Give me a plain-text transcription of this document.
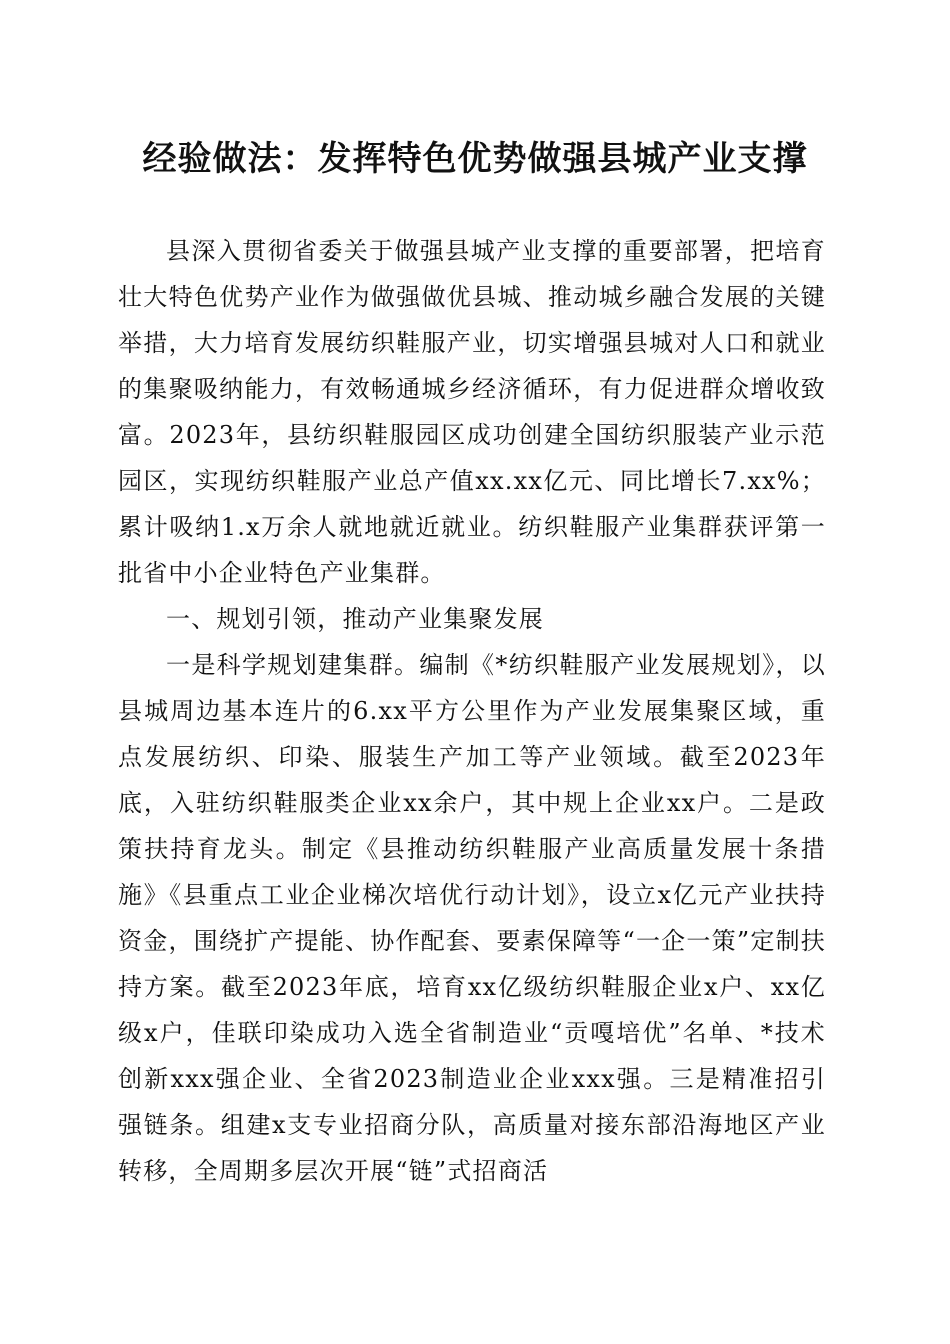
经验做法：发挥特色优势做强县城产业支撑

县深入贯彻省委关于做强县城产业支撑的重要部署，把培育壮大特色优势产业作为做强做优县城、推动城乡融合发展的关键举措，大力培育发展纺织鞋服产业，切实增强县城对人口和就业的集聚吸纳能力，有效畅通城乡经济循环，有力促进群众增收致富。2023年，县纺织鞋服园区成功创建全国纺织服装产业示范园区，实现纺织鞋服产业总产值xx.xx亿元、同比增长7.xx%；累计吸纳1.x万余人就地就近就业。纺织鞋服产业集群获评第一批省中小企业特色产业集群。

一、规划引领，推动产业集聚发展

一是科学规划建集群。编制《*纺织鞋服产业发展规划》，以县城周边基本连片的6.xx平方公里作为产业发展集聚区域，重点发展纺织、印染、服装生产加工等产业领域。截至2023年底，入驻纺织鞋服类企业xx余户，其中规上企业xx户。二是政策扶持育龙头。制定《县推动纺织鞋服产业高质量发展十条措施》《县重点工业企业梯次培优行动计划》，设立x亿元产业扶持资金，围绕扩产提能、协作配套、要素保障等“一企一策”定制扶持方案。截至2023年底，培育xx亿级纺织鞋服企业x户、xx亿级x户，佳联印染成功入选全省制造业“贡嘎培优”名单、*技术创新xxx强企业、全省2023制造业企业xxx强。三是精准招引强链条。组建x支专业招商分队，高质量对接东部沿海地区产业转移，全周期多层次开展“链”式招商活
